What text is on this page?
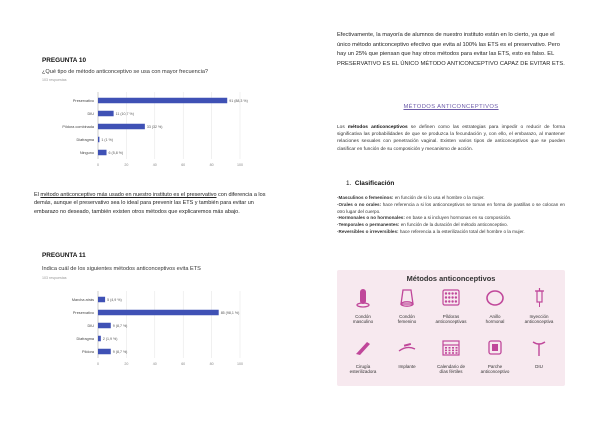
PREGUNTA 10
¿Qué tipo de método anticonceptivo se usa con mayor frecuencia?
103 respuestas
0	20	40	60	80	100
Preservativo	91 (88,3 %)
DIU	11 (10,7 %)
Píldora combinada	33 (32 %)
Diafragma 1 (1 %)
Ninguno	6 (5,8 %)
El método anticonceptivo más usado en nuestro instituto es el preservativo con diferencia a los demás, aunque el preservativo sea lo ideal para prevenir las ETS y también para evitar un embarazo no deseado, también existen otros métodos que explicaremos más abajo.
PREGUNTA 11
Indica cuál de los siguientes métodos anticonceptivos evita ETS
103 respuestas
0	20	40	60	80	100
Marcha atrás	5 (4,9 %)
Preservativo	85 (98,1 %)
DIU	9 (8,7 %)
Diafragma 2 (1,9 %)
Píldora	9 (8,7 %)
Efectivamente, la mayoría de alumnos de nuestro instituto están en lo cierto, ya que el único método anticonceptivo efectivo que evita al 100% las ETS es el preservativo. Pero hay un 25% que piensan que hay otros métodos para evitar las ETS, esto es falso. EL PRESERVATIVO ES EL ÚNICO MÉTODO ANTICONCEPTIVO CAPAZ DE EVITAR ETS.
MÉTODOS ANTICONCEPTIVOS
Los métodos anticonceptivos se definen como las estrategias para impedir o reducir de forma significativa las probabilidades de que se produzca la fecundación y, con ello, el embarazo, al mantener relaciones sexuales con penetración vaginal. Existen varios tipos de anticonceptivos que se pueden clasificar en función de su composición y mecanismo de acción.
1. Clasificación
·Masculinos o femeninos: en función de si lo usa el hombre o la mujer.
·Orales o no orales: hace referencia a si los anticonceptivos se toman en forma de pastillas o se colocan en otro lugar del cuerpo.
·Hormonales o no hormonales: en base a si incluyen hormonas en su composición.
·Temporales o permanentes: en función de la duración del método anticonceptivo.
·Reversibles o irreversibles: hace referencia a la esterilización total del hombre o la mujer.
Métodos anticonceptivos
Condón
masculino
Condón
femenino
Píldoras
anticonceptivas
Anillo
hormonal
Inyección
anticonceptiva
Cirugía
esterilizadora
Implante	Calendario de
días fértiles
Parche
anticonceptivo
DIU
